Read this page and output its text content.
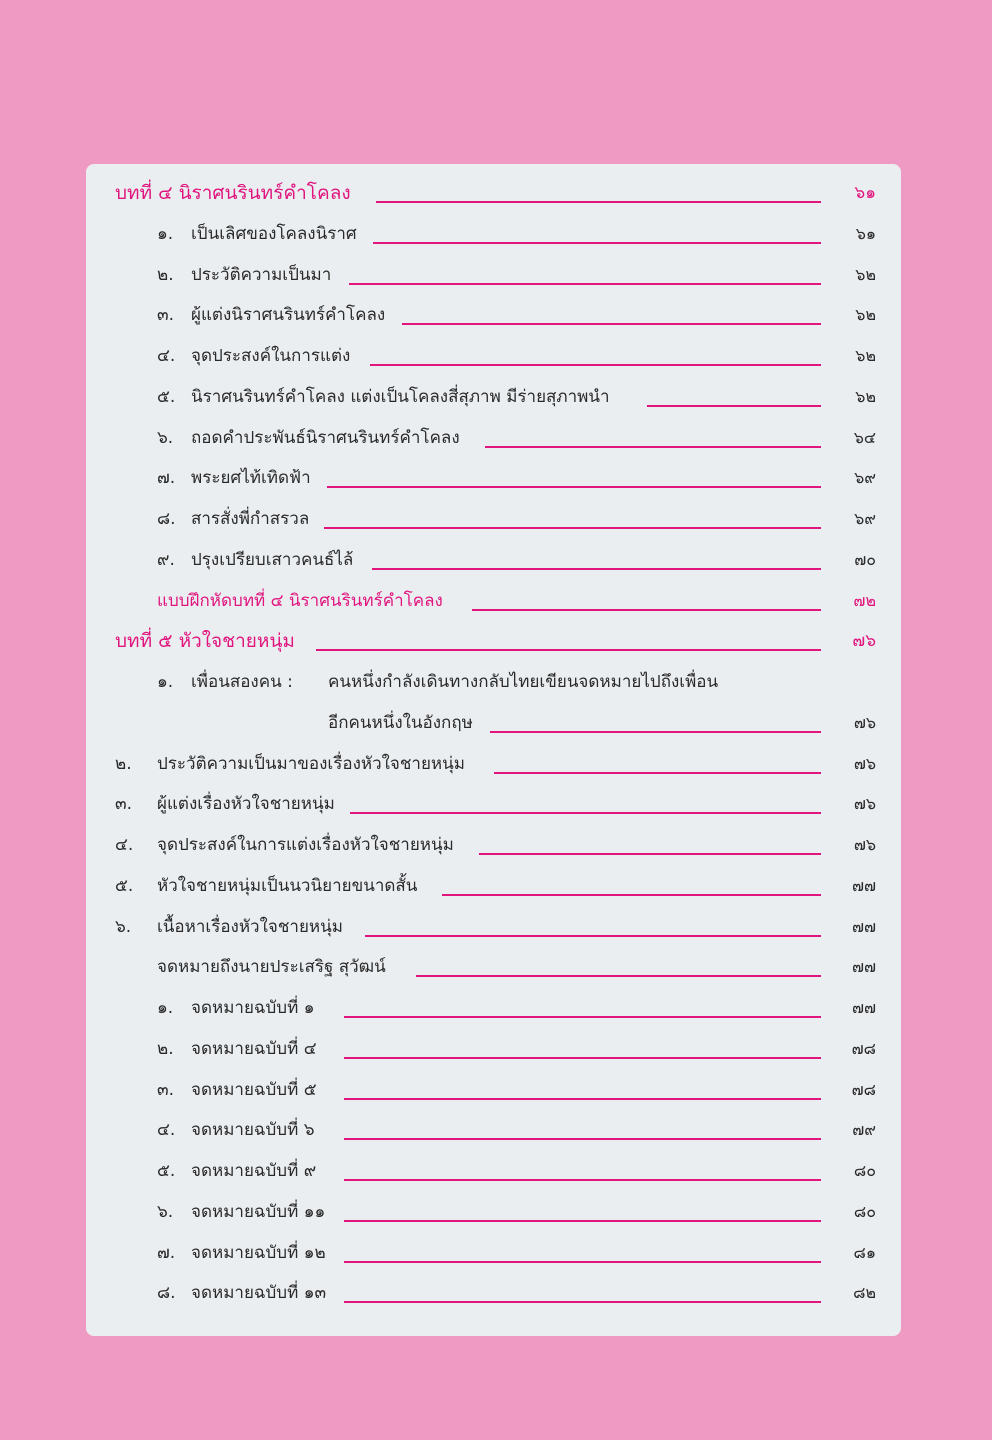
บทที่ ๔ นิราศนรินทร์คำโคลง	๖๑
๑. เป็นเลิศของโคลงนิราศ	๖๑
๒. ประวัติความเป็นมา	๖๒
๓. ผู้แต่งนิราศนรินทร์คำโคลง	๖๒
๔. จุดประสงค์ในการแต่ง	๖๒
๕. นิราศนรินทร์คำโคลง แต่งเป็นโคลงสี่สุภาพ มีร่ายสุภาพนำ	๖๒
๖. ถอดคำประพันธ์นิราศนรินทร์คำโคลง	๖๔
๗. พระยศไท้เทิดฟ้า	๖๙
๘. สารสั่งพี่กำสรวล	๖๙
๙. ปรุงเปรียบเสาวคนธ์ไล้	๗๐
แบบฝึกหัดบทที่ ๔ นิราศนรินทร์คำโคลง	๗๒
บทที่ ๕ หัวใจชายหนุ่ม	๗๖
๑. เพื่อนสองคน : คนหนึ่งกำลังเดินทางกลับไทยเขียนจดหมายไปถึงเพื่อน
อีกคนหนึ่งในอังกฤษ	๗๖
๒. ประวัติความเป็นมาของเรื่องหัวใจชายหนุ่ม	๗๖
๓. ผู้แต่งเรื่องหัวใจชายหนุ่ม	๗๖
๔. จุดประสงค์ในการแต่งเรื่องหัวใจชายหนุ่ม	๗๖
๕. หัวใจชายหนุ่มเป็นนวนิยายขนาดสั้น	๗๗
๖. เนื้อหาเรื่องหัวใจชายหนุ่ม	๗๗
จดหมายถึงนายประเสริฐ สุวัฒน์	๗๗
๑. จดหมายฉบับที่ ๑	๗๗
๒. จดหมายฉบับที่ ๔	๗๘
๓. จดหมายฉบับที่ ๕	๗๘
๔. จดหมายฉบับที่ ๖	๗๙
๕. จดหมายฉบับที่ ๙	๘๐
๖. จดหมายฉบับที่ ๑๑	๘๐
๗. จดหมายฉบับที่ ๑๒	๘๑
๘. จดหมายฉบับที่ ๑๓	๘๒
